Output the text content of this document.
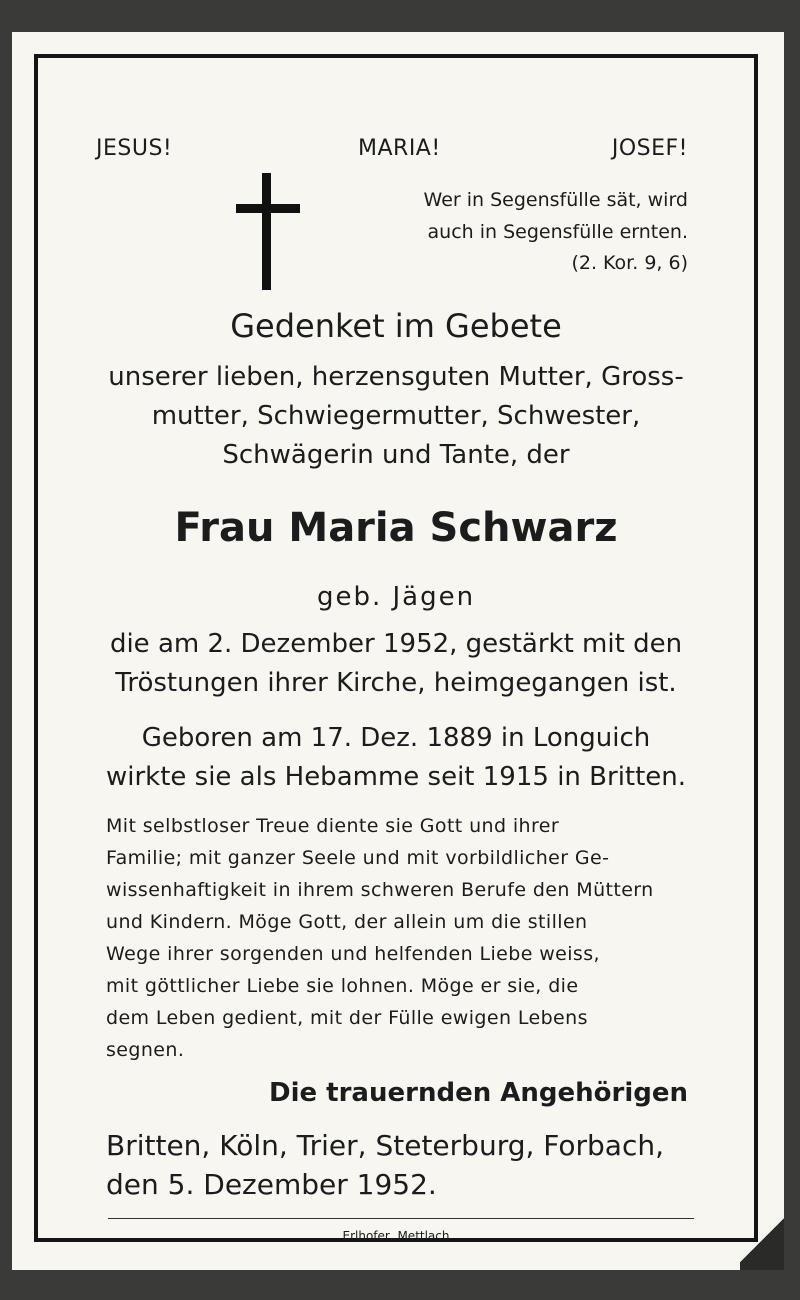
JESUS!	MARIA!	JOSEF!
Wer in Segensfülle sät, wird
auch in Segensfülle ernten.
(2. Kor. 9, 6)
Gedenket im Gebete
unserer lieben, herzensguten Mutter, Gross-
mutter, Schwiegermutter, Schwester,
Schwägerin und Tante, der
Frau Maria Schwarz
geb. Jägen
die am 2. Dezember 1952, gestärkt mit den
Tröstungen ihrer Kirche, heimgegangen ist.
Geboren am 17. Dez. 1889 in Longuich
wirkte sie als Hebamme seit 1915 in Britten.
Mit selbstloser Treue diente sie Gott und ihrer
Familie; mit ganzer Seele und mit vorbildlicher Ge-
wissenhaftigkeit in ihrem schweren Berufe den Müttern
und Kindern. Möge Gott, der allein um die stillen
Wege ihrer sorgenden und helfenden Liebe weiss,
mit göttlicher Liebe sie lohnen. Möge er sie, die
dem Leben gedient, mit der Fülle ewigen Lebens
segnen.
Die trauernden Angehörigen
Britten, Köln, Trier, Steterburg, Forbach,
den 5. Dezember 1952.
Erlhofer, Mettlach
